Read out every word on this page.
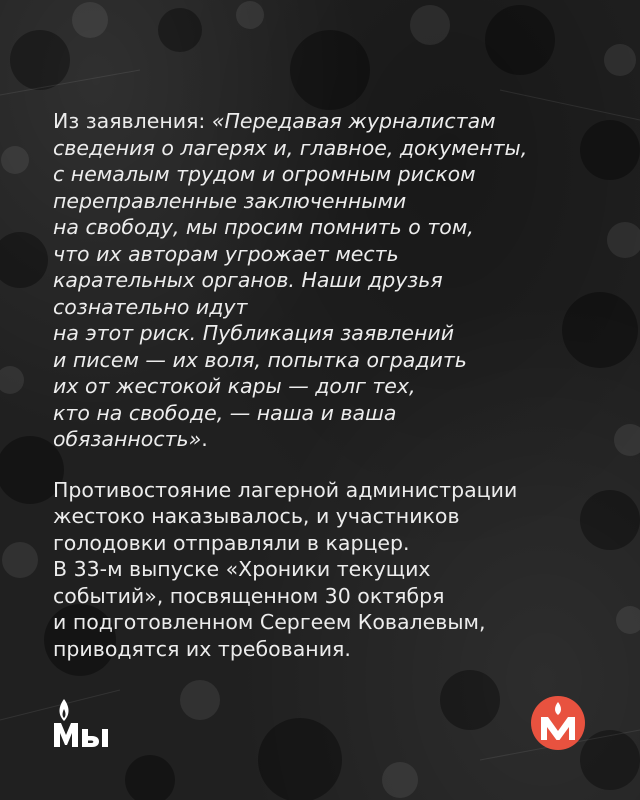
Из заявления: «Передавая журналистам
сведения о лагерях и, главное, документы,
с немалым трудом и огромным риском
переправленные заключенными
на свободу, мы просим помнить о том,
что их авторам угрожает месть
карательных органов. Наши друзья
сознательно идут
на этот риск. Публикация заявлений
и писем — их воля, попытка оградить
их от жестокой кары — долг тех,
кто на свободе, — наша и ваша
обязанность».
Противостояние лагерной администрации
жестоко наказывалось, и участников
голодовки отправляли в карцер.
В 33-м выпуске «Хроники текущих
событий», посвященном 30 октября
и подготовленном Сергеем Ковалевым,
приводятся их требования.
